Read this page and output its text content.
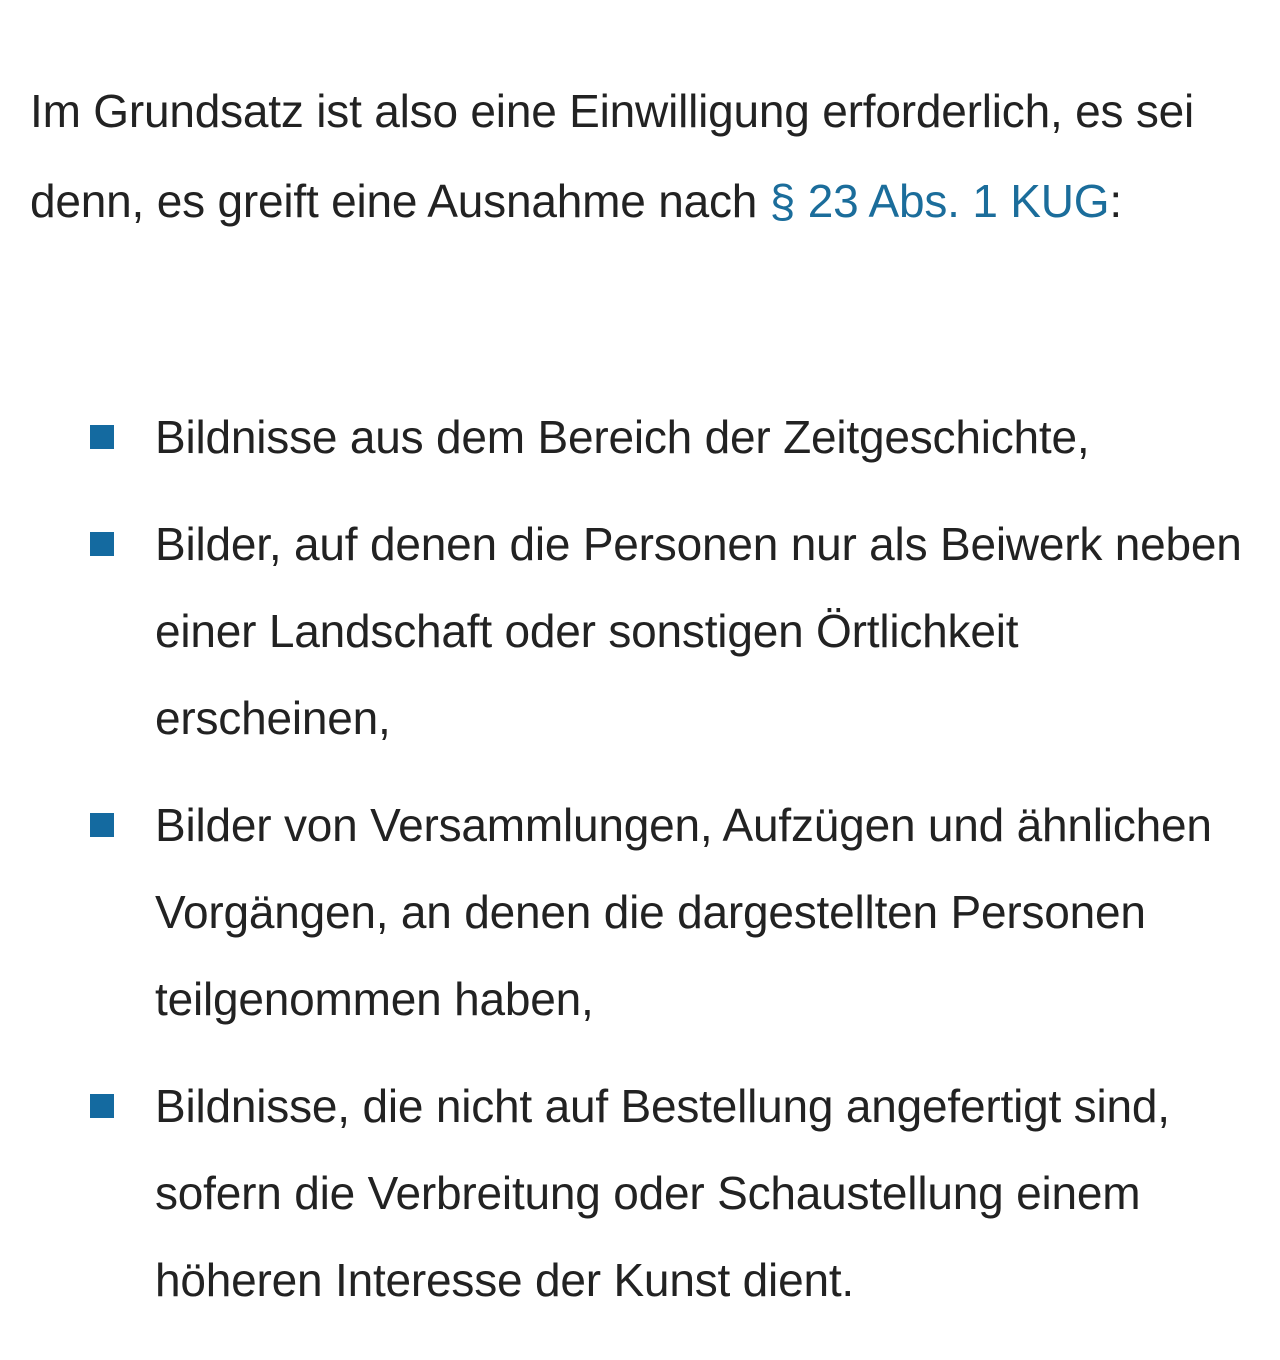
Im Grundsatz ist also eine Einwilligung erforderlich, es sei denn, es greift eine Ausnahme nach § 23 Abs. 1 KUG:

Bildnisse aus dem Bereich der Zeitgeschichte,
Bilder, auf denen die Personen nur als Beiwerk neben einer Landschaft oder sonstigen Örtlichkeit erscheinen,
Bilder von Versammlungen, Aufzügen und ähnlichen Vorgängen, an denen die dargestellten Personen teilgenommen haben,
Bildnisse, die nicht auf Bestellung angefertigt sind, sofern die Verbreitung oder Schaustellung einem höheren Interesse der Kunst dient.
